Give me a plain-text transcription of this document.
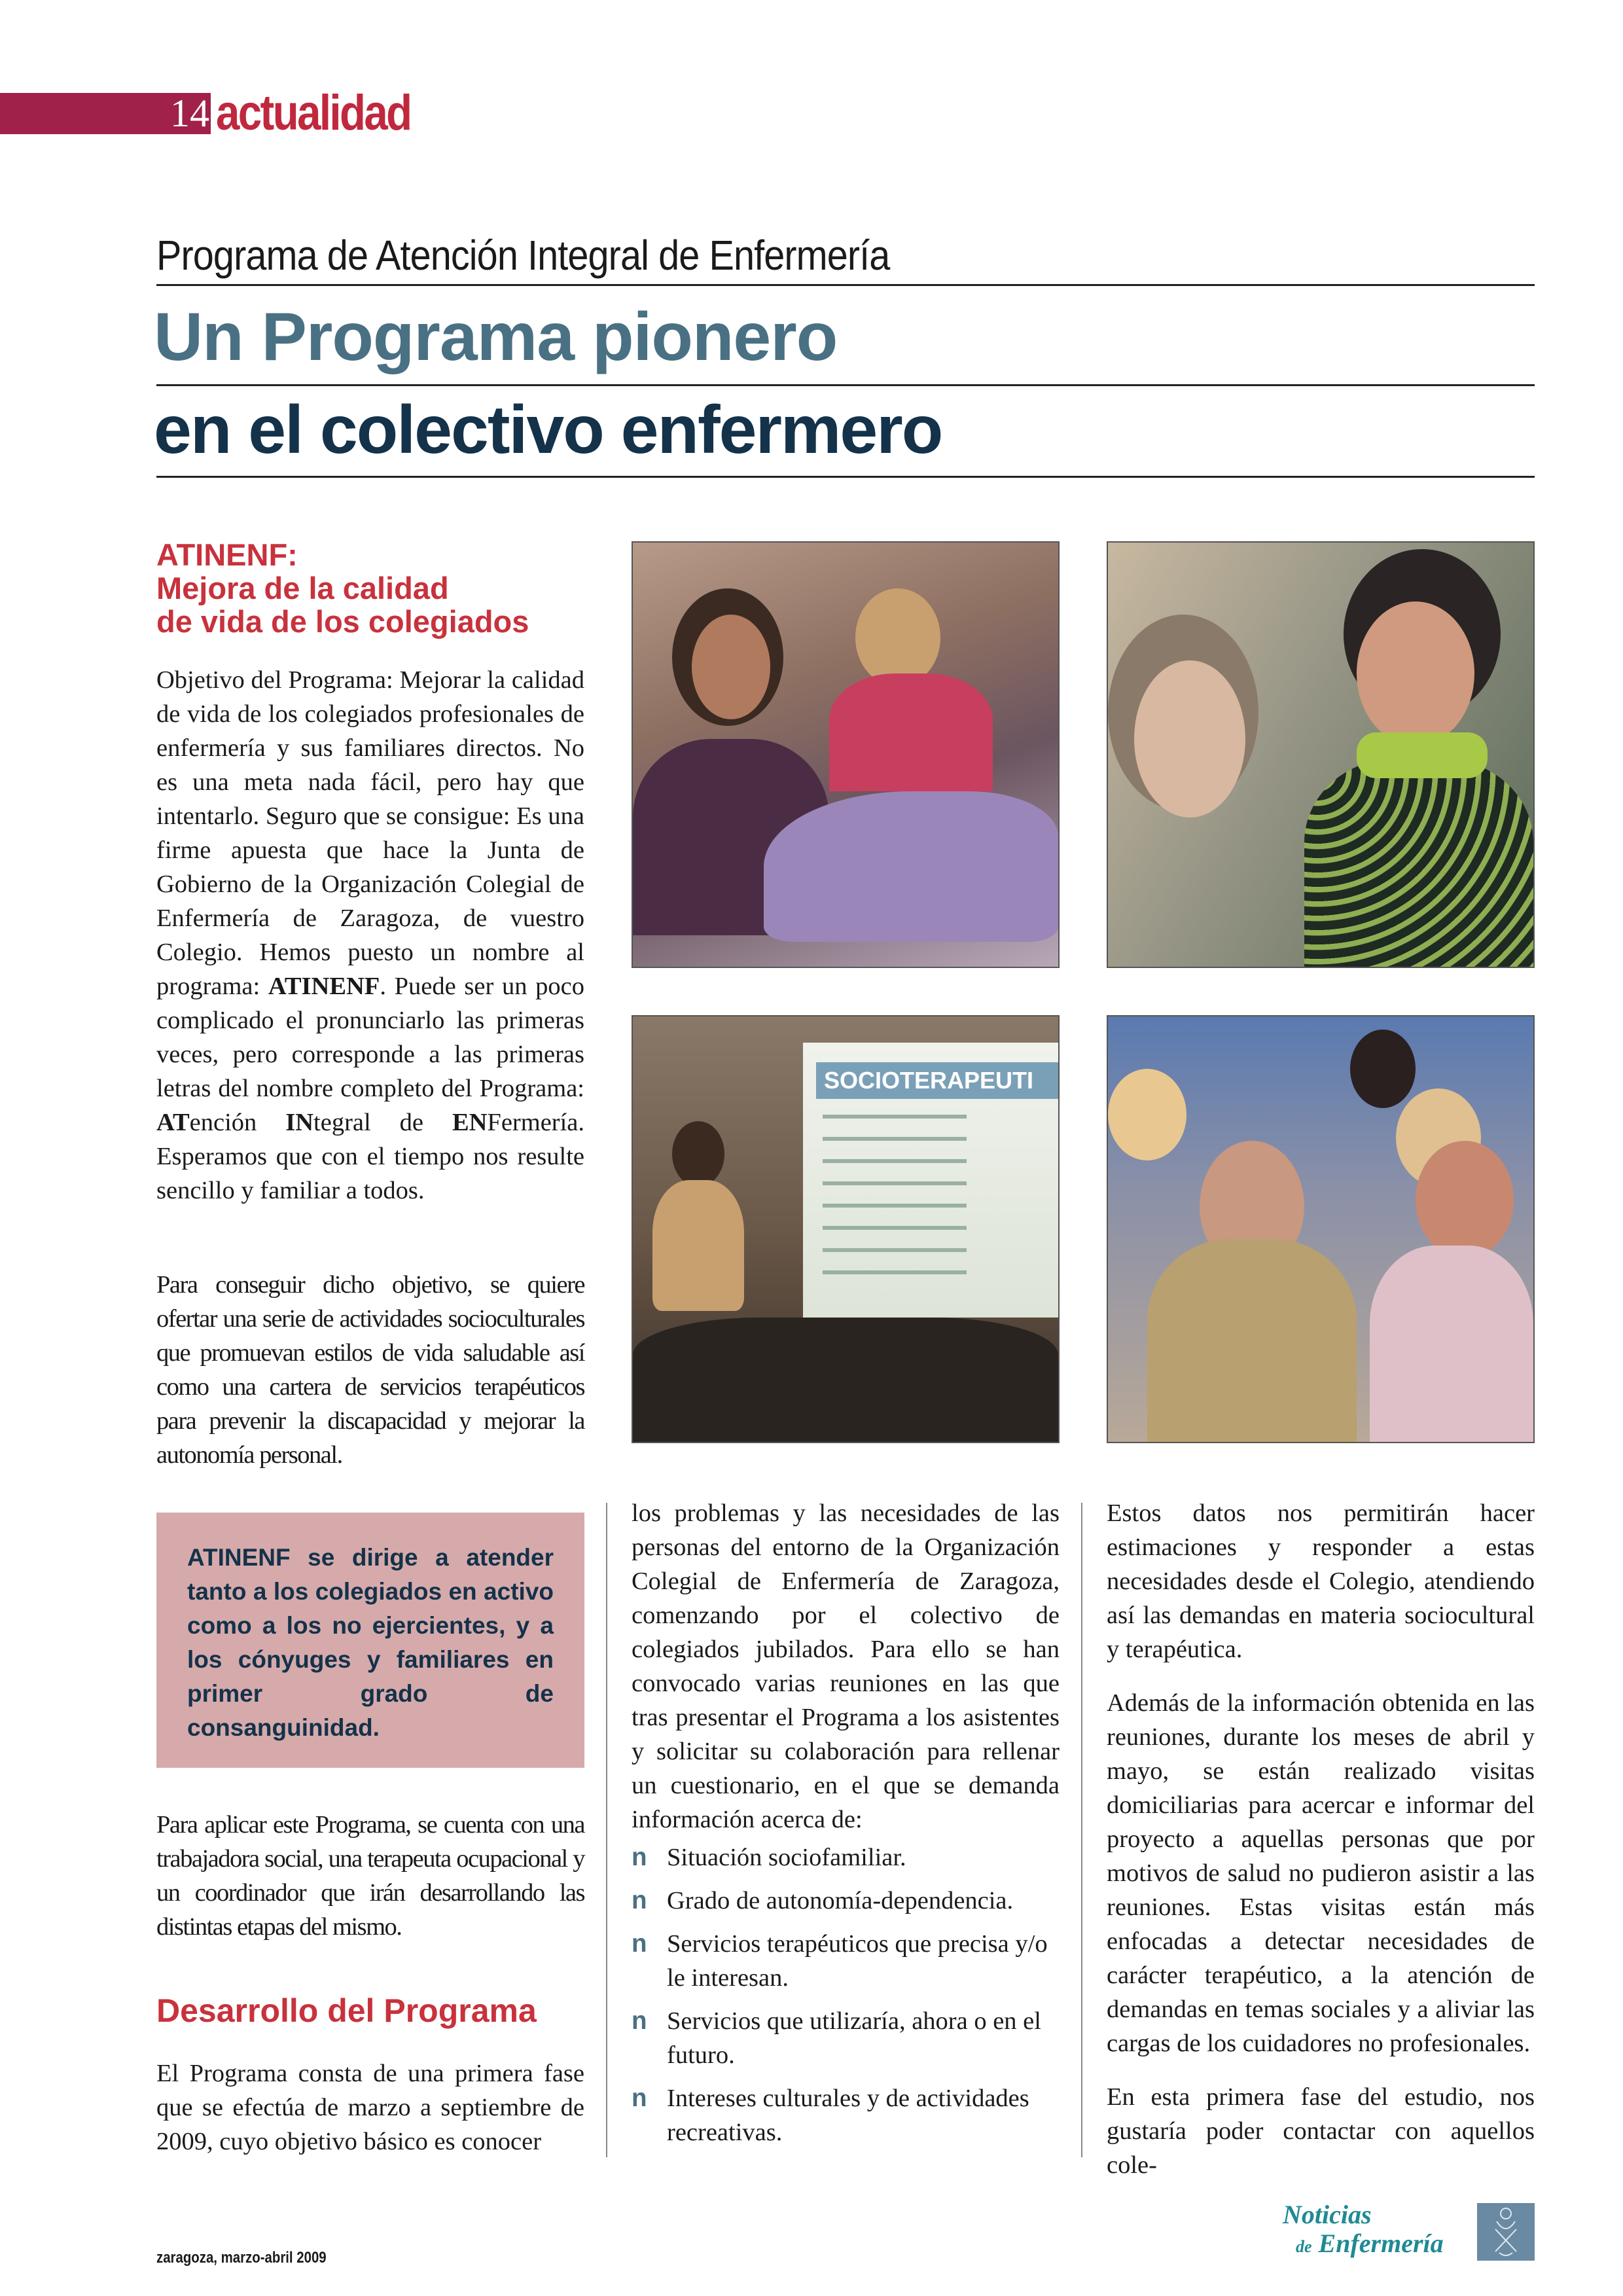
14 actualidad
Programa de Atención Integral de Enfermería
Un Programa pionero
en el colectivo enfermero
ATINENF:
Mejora de la calidad
de vida de los colegiados

Objetivo del Programa: Mejorar la calidad de vida de los colegiados profesionales de enfermería y sus familiares directos. No es una meta nada fácil, pero hay que intentarlo. Seguro que se consigue: Es una firme apuesta que hace la Junta de Gobierno de la Organización Colegial de Enfermería de Zaragoza, de vuestro Colegio. Hemos puesto un nombre al programa: ATINENF. Puede ser un poco complicado el pronunciarlo las primeras veces, pero corresponde a las primeras letras del nombre completo del Programa: ATención INtegral de ENFermería. Esperamos que con el tiempo nos resulte sencillo y familiar a todos.

Para conseguir dicho objetivo, se quiere ofertar una serie de actividades socioculturales que promuevan estilos de vida saludable así como una cartera de servicios terapéuticos para prevenir la discapacidad y mejorar la autonomía personal.

ATINENF se dirige a atender tanto a los colegiados en activo como a los no ejercientes, y a los cónyuges y familiares en primer grado de consanguinidad.

Para aplicar este Programa, se cuenta con una trabajadora social, una terapeuta ocupacional y un coordinador que irán desarrollando las distintas etapas del mismo.

Desarrollo del Programa

El Programa consta de una primera fase que se efectúa de marzo a septiembre de 2009, cuyo objetivo básico es conocer

SOCIOTERAPEUTI

los problemas y las necesidades de las personas del entorno de la Organización Colegial de Enfermería de Zaragoza, comenzando por el colectivo de colegiados jubilados. Para ello se han convocado varias reuniones en las que tras presentar el Programa a los asistentes y solicitar su colaboración para rellenar un cuestionario, en el que se demanda información acerca de:

n Situación sociofamiliar.
n Grado de autonomía-dependencia.
n Servicios terapéuticos que precisa y/o le interesan.
n Servicios que utilizaría, ahora o en el futuro.
n Intereses culturales y de actividades recreativas.

Estos datos nos permitirán hacer estimaciones y responder a estas necesidades desde el Colegio, atendiendo así las demandas en materia sociocultural y terapéutica.

Además de la información obtenida en las reuniones, durante los meses de abril y mayo, se están realizado visitas domiciliarias para acercar e informar del proyecto a aquellas personas que por motivos de salud no pudieron asistir a las reuniones. Estas visitas están más enfocadas a detectar necesidades de carácter terapéutico, a la atención de demandas en temas sociales y a aliviar las cargas de los cuidadores no profesionales.

En esta primera fase del estudio, nos gustaría poder contactar con aquellos cole-

zaragoza, marzo-abril 2009
Noticias
de Enfermería
